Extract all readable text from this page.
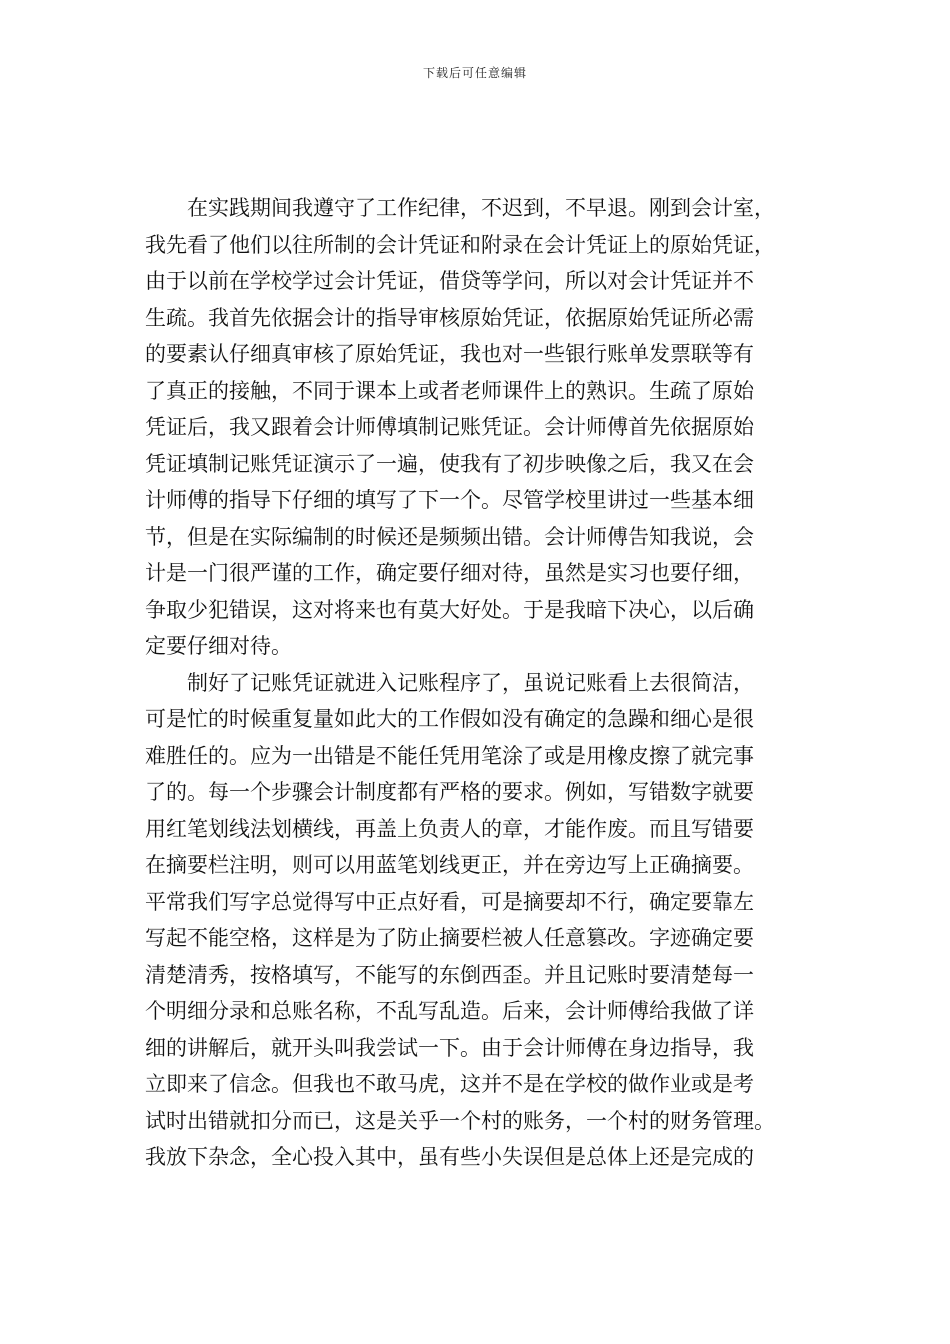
下载后可任意编辑
在实践期间我遵守了工作纪律，不迟到，不早退。刚到会计室，
我先看了他们以往所制的会计凭证和附录在会计凭证上的原始凭证，
由于以前在学校学过会计凭证，借贷等学问，所以对会计凭证并不
生疏。我首先依据会计的指导审核原始凭证，依据原始凭证所必需
的要素认仔细真审核了原始凭证，我也对一些银行账单发票联等有
了真正的接触，不同于课本上或者老师课件上的熟识。生疏了原始
凭证后，我又跟着会计师傅填制记账凭证。会计师傅首先依据原始
凭证填制记账凭证演示了一遍，使我有了初步映像之后，我又在会
计师傅的指导下仔细的填写了下一个。尽管学校里讲过一些基本细
节，但是在实际编制的时候还是频频出错。会计师傅告知我说，会
计是一门很严谨的工作，确定要仔细对待，虽然是实习也要仔细，
争取少犯错误，这对将来也有莫大好处。于是我暗下决心，以后确
定要仔细对待。
制好了记账凭证就进入记账程序了，虽说记账看上去很简洁，
可是忙的时候重复量如此大的工作假如没有确定的急躁和细心是很
难胜任的。应为一出错是不能任凭用笔涂了或是用橡皮擦了就完事
了的。每一个步骤会计制度都有严格的要求。例如，写错数字就要
用红笔划线法划横线，再盖上负责人的章，才能作废。而且写错要
在摘要栏注明，则可以用蓝笔划线更正，并在旁边写上正确摘要。
平常我们写字总觉得写中正点好看，可是摘要却不行，确定要靠左
写起不能空格，这样是为了防止摘要栏被人任意篡改。字迹确定要
清楚清秀，按格填写，不能写的东倒西歪。并且记账时要清楚每一
个明细分录和总账名称，不乱写乱造。后来，会计师傅给我做了详
细的讲解后，就开头叫我尝试一下。由于会计师傅在身边指导，我
立即来了信念。但我也不敢马虎，这并不是在学校的做作业或是考
试时出错就扣分而已，这是关乎一个村的账务，一个村的财务管理。
我放下杂念，全心投入其中，虽有些小失误但是总体上还是完成的
